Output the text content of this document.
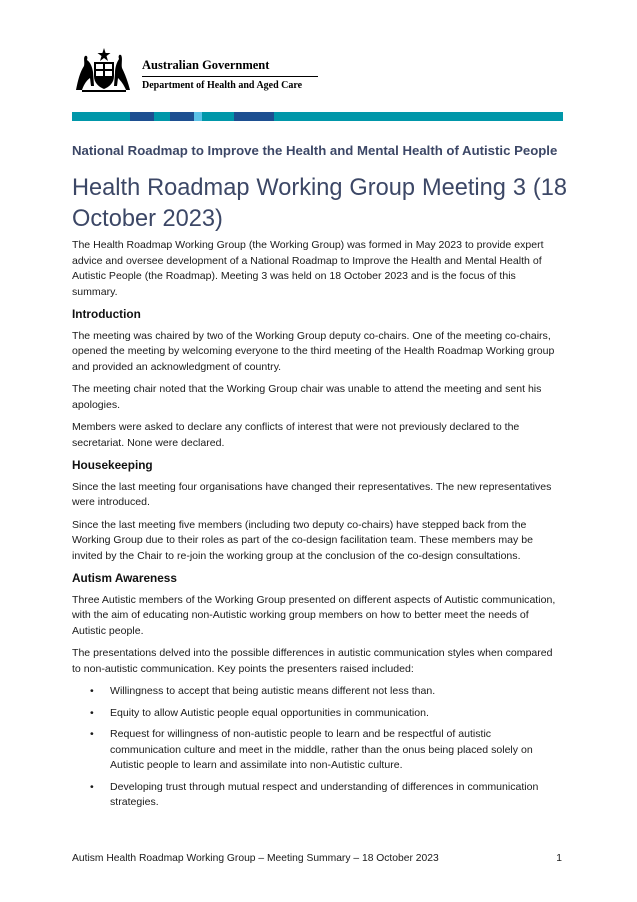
Australian Government
Department of Health and Aged Care
National Roadmap to Improve the Health and Mental Health of Autistic People
Health Roadmap Working Group Meeting 3 (18 October 2023)

The Health Roadmap Working Group (the Working Group) was formed in May 2023 to provide expert advice and oversee development of a National Roadmap to Improve the Health and Mental Health of Autistic People (the Roadmap). Meeting 3 was held on 18 October 2023 and is the focus of this summary.

Introduction

The meeting was chaired by two of the Working Group deputy co-chairs. One of the meeting co-chairs, opened the meeting by welcoming everyone to the third meeting of the Health Roadmap Working group and provided an acknowledgment of country.

The meeting chair noted that the Working Group chair was unable to attend the meeting and sent his apologies.

Members were asked to declare any conflicts of interest that were not previously declared to the secretariat. None were declared.

Housekeeping

Since the last meeting four organisations have changed their representatives. The new representatives were introduced.

Since the last meeting five members (including two deputy co-chairs) have stepped back from the Working Group due to their roles as part of the co-design facilitation team. These members may be invited by the Chair to re-join the working group at the conclusion of the co-design consultations.

Autism Awareness

Three Autistic members of the Working Group presented on different aspects of Autistic communication, with the aim of educating non-Autistic working group members on how to better meet the needs of Autistic people.

The presentations delved into the possible differences in autistic communication styles when compared to non-autistic communication. Key points the presenters raised included:

• Willingness to accept that being autistic means different not less than.
• Equity to allow Autistic people equal opportunities in communication.
• Request for willingness of non-autistic people to learn and be respectful of autistic communication culture and meet in the middle, rather than the onus being placed solely on Autistic people to learn and assimilate into non-Autistic culture.
• Developing trust through mutual respect and understanding of differences in communication strategies.
Autism Health Roadmap Working Group – Meeting Summary – 18 October 2023	1
